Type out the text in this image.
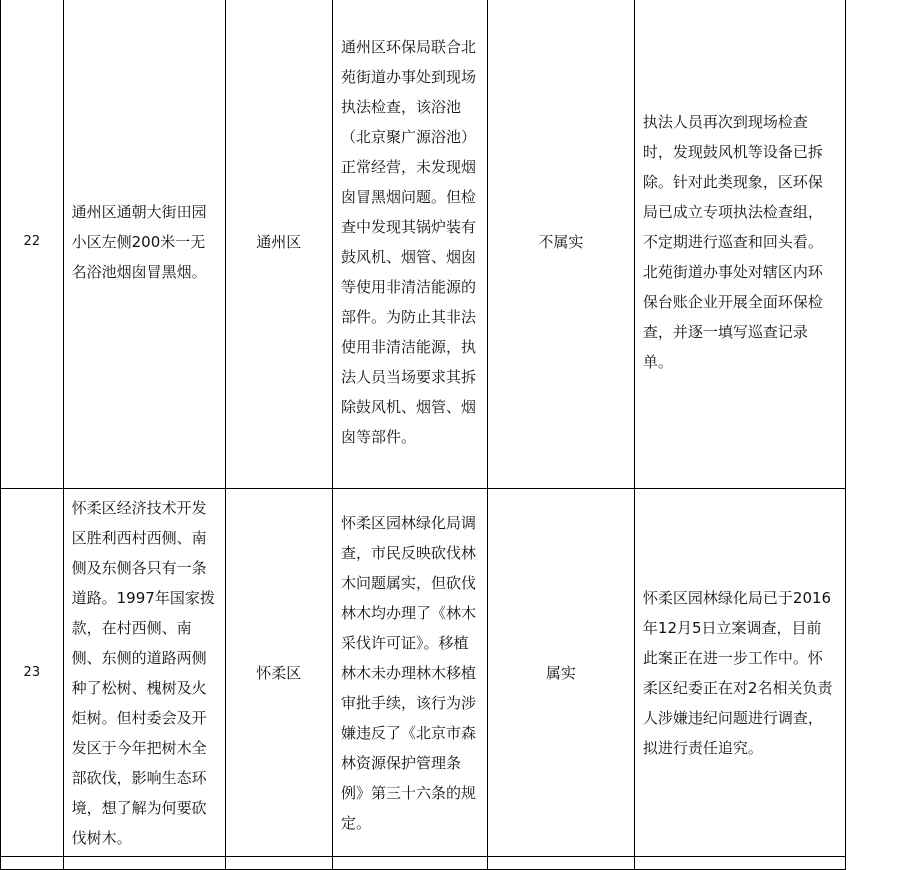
22	通州区通朝大街田园小区左侧200米一无名浴池烟囱冒黑烟。	通州区	通州区环保局联合北苑街道办事处到现场执法检查，该浴池（北京聚广源浴池）正常经营，未发现烟囱冒黑烟问题。但检查中发现其锅炉装有鼓风机、烟管、烟囱等使用非清洁能源的部件。为防止其非法使用非清洁能源，执法人员当场要求其拆除鼓风机、烟管、烟囱等部件。	不属实	执法人员再次到现场检查时，发现鼓风机等设备已拆除。针对此类现象，区环保局已成立专项执法检查组，不定期进行巡查和回头看。北苑街道办事处对辖区内环保台账企业开展全面环保检查，并逐一填写巡查记录单。	

23	怀柔区经济技术开发区胜利西村西侧、南侧及东侧各只有一条道路。1997年国家拨款，在村西侧、南侧、东侧的道路两侧种了松树、槐树及火炬树。但村委会及开发区于今年把树木全部砍伐，影响生态环境，想了解为何要砍伐树木。	怀柔区	怀柔区园林绿化局调查，市民反映砍伐林木问题属实，但砍伐林木均办理了《林木采伐许可证》。移植林木未办理林木移植审批手续，该行为涉嫌违反了《北京市森林资源保护管理条例》第三十六条的规定。	属实	怀柔区园林绿化局已于2016年12月5日立案调查，目前此案正在进一步工作中。怀柔区纪委正在对2名相关负责人涉嫌违纪问题进行调查，拟进行责任追究。	
